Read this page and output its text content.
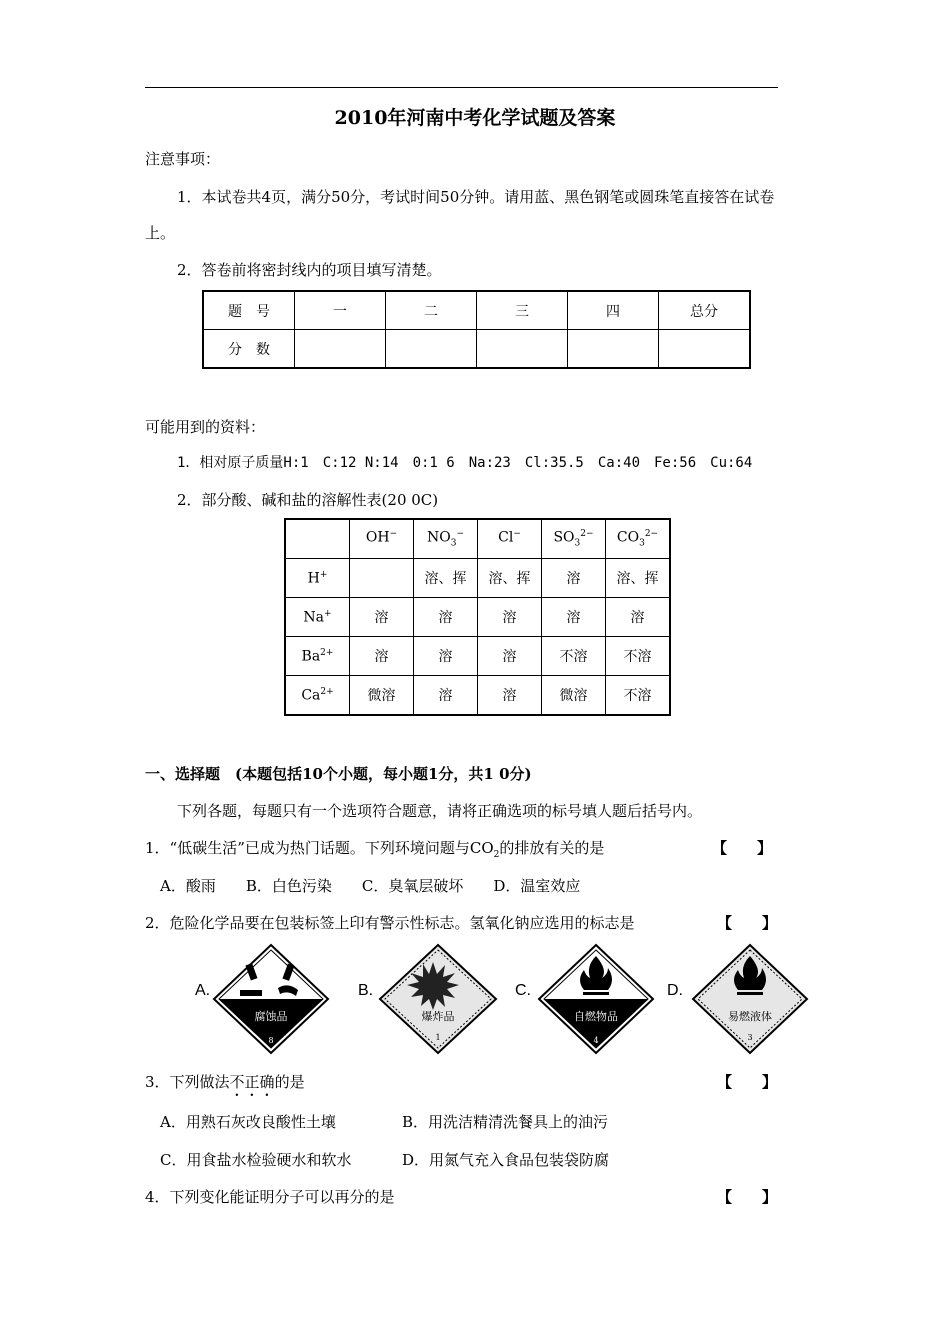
2010年河南中考化学试题及答案
注意事项：
1．本试卷共4页，满分50分，考试时间50分钟。请用蓝、黑色钢笔或圆珠笔直接答在试卷
上。
2．答卷前将密封线内的项目填写清楚。
题　号	一	二	三	四	总分
分　数					
可能用到的资料：
1．相对原子质量H:1　C:12 N:14　0:1 6　Na:23　Cl:35.5　Ca:40　Fe:56　Cu:64
2．部分酸、碱和盐的溶解性表(20 0C)
	OH−	$NO_3^-$	Cl−	$SO_3^{2-}$	$CO_3^{2-}$
H+		溶、挥	溶、挥	溶	溶、挥
Na+	溶	溶	溶	溶	溶
$Ba^{2+}$	溶	溶	溶	不溶	不溶
$Ca^{2+}$	微溶	溶	溶	微溶	不溶
一、选择题　(本题包括10个小题，每小题1分，共1 0分)
下列各题，每题只有一个选项符合题意，请将正确选项的标号填人题后括号内。
1．“低碳生活”已成为热门话题。下列环境问题与$CO_2$的排放有关的是	【　　】
A．酸雨　　B．白色污染　　C．臭氧层破坏　　D．温室效应
2．危险化学品要在包装标签上印有警示性标志。氢氧化钠应选用的标志是	【　　】
A.
腐蚀品
8
B.
爆炸品
1
C.
自燃物品
4
D.
易燃液体
3
3．下列做法不正确的是	【　　】
A．用熟石灰改良酸性土壤	B．用洗洁精清洗餐具上的油污
C．用食盐水检验硬水和软水	D．用氮气充入食品包装袋防腐
4．下列变化能证明分子可以再分的是	【　　】
